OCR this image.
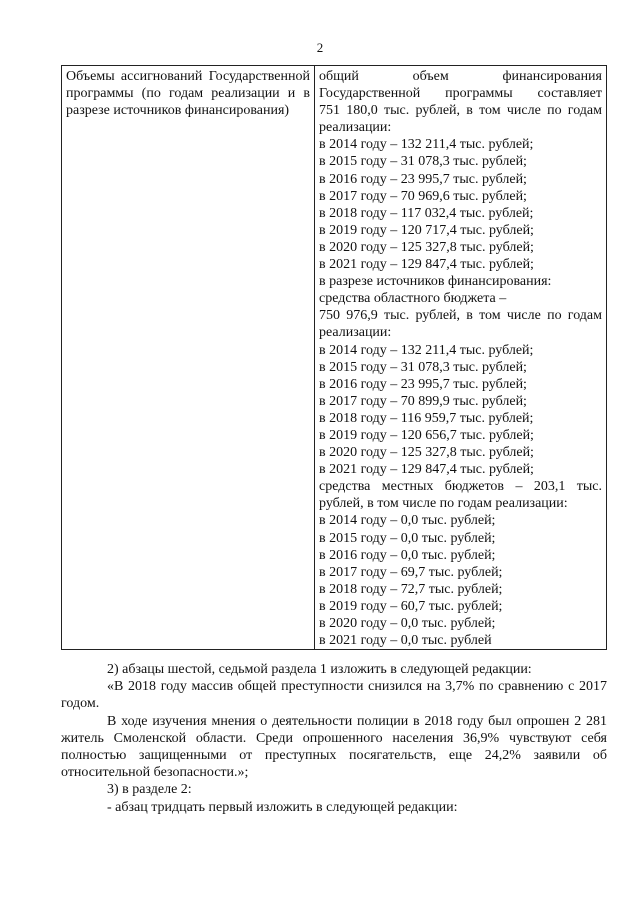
2
Объемы ассигнований Государственной программы (по годам реализации и в разрезе источников финансирования)	
общий объем финансирования
Государственной программы составляет
751 180,0 тыс. рублей, в том числе по годам
реализации:
в 2014 году – 132 211,4 тыс. рублей;
в 2015 году – 31 078,3 тыс. рублей;
в 2016 году – 23 995,7 тыс. рублей;
в 2017 году – 70 969,6 тыс. рублей;
в 2018 году – 117 032,4 тыс. рублей;
в 2019 году – 120 717,4 тыс. рублей;
в 2020 году – 125 327,8 тыс. рублей;
в 2021 году – 129 847,4 тыс. рублей;
в разрезе источников финансирования:
средства областного бюджета –
750 976,9 тыс. рублей, в том числе по годам
реализации:
в 2014 году – 132 211,4 тыс. рублей;
в 2015 году – 31 078,3 тыс. рублей;
в 2016 году – 23 995,7 тыс. рублей;
в 2017 году – 70 899,9 тыс. рублей;
в 2018 году – 116 959,7 тыс. рублей;
в 2019 году – 120 656,7 тыс. рублей;
в 2020 году – 125 327,8 тыс. рублей;
в 2021 году – 129 847,4 тыс. рублей;
средства местных бюджетов – 203,1 тыс.
рублей, в том числе по годам реализации:
в 2014 году – 0,0 тыс. рублей;
в 2015 году – 0,0 тыс. рублей;
в 2016 году – 0,0 тыс. рублей;
в 2017 году – 69,7 тыс. рублей;
в 2018 году – 72,7 тыс. рублей;
в 2019 году – 60,7 тыс. рублей;
в 2020 году – 0,0 тыс. рублей;
в 2021 году – 0,0 тыс. рублей

2) абзацы шестой, седьмой раздела 1 изложить в следующей редакции:

«В 2018 году массив общей преступности снизился на 3,7% по сравнению с 2017 годом.

В ходе изучения мнения о деятельности полиции в 2018 году был опрошен 2 281 житель Смоленской области. Среди опрошенного населения 36,9% чувствуют себя полностью защищенными от преступных посягательств, еще 24,2% заявили об относительной безопасности.»;

3) в разделе 2:

- абзац тридцать первый изложить в следующей редакции:
